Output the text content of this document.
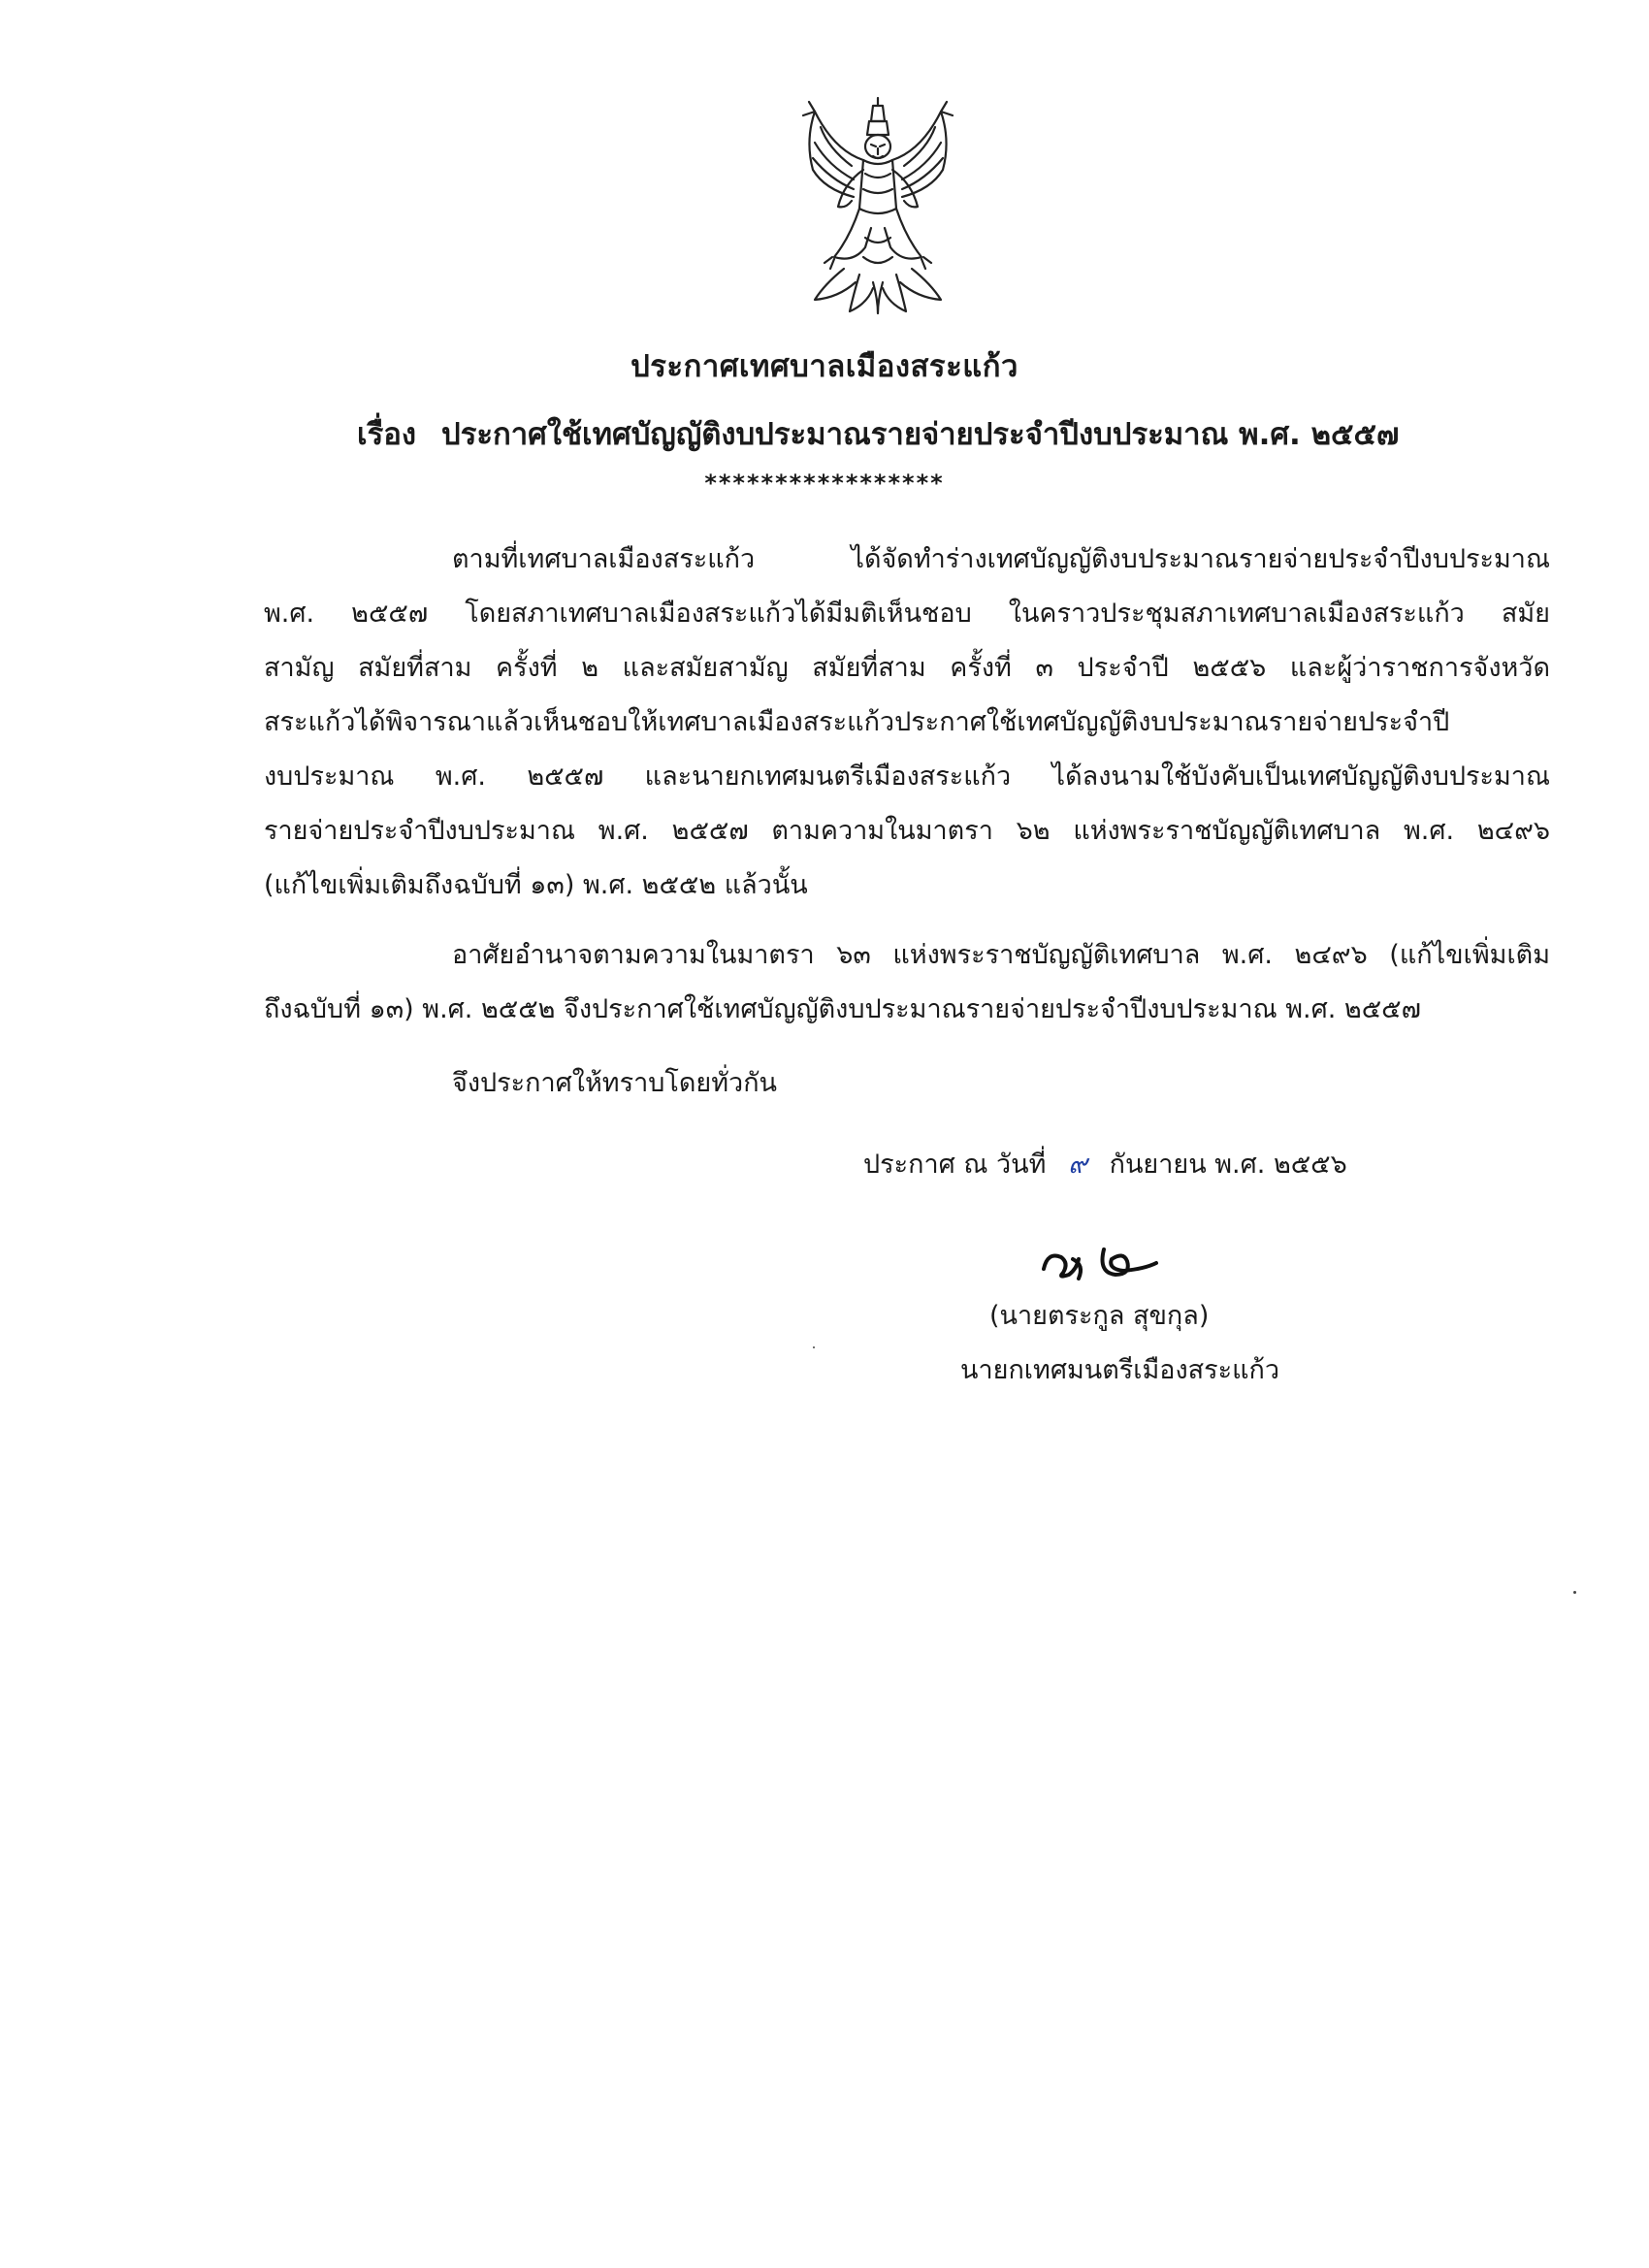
ประกาศเทศบาลเมืองสระแก้ว
เรื่อง ประกาศใช้เทศบัญญัติงบประมาณรายจ่ายประจำปีงบประมาณ พ.ศ. ๒๕๕๗
*****************
ตามที่เทศบาลเมืองสระแก้ว ได้จัดทำร่างเทศบัญญัติงบประมาณรายจ่ายประจำปีงบประมาณ
พ.ศ. ๒๕๕๗ โดยสภาเทศบาลเมืองสระแก้วได้มีมติเห็นชอบ ในคราวประชุมสภาเทศบาลเมืองสระแก้ว สมัย
สามัญ สมัยที่สาม ครั้งที่ ๒ และสมัยสามัญ สมัยที่สาม ครั้งที่ ๓ ประจำปี ๒๕๕๖ และผู้ว่าราชการจังหวัด
สระแก้วได้พิจารณาแล้วเห็นชอบให้เทศบาลเมืองสระแก้วประกาศใช้เทศบัญญัติงบประมาณรายจ่ายประจำปี
งบประมาณ พ.ศ. ๒๕๕๗ และนายกเทศมนตรีเมืองสระแก้ว ได้ลงนามใช้บังคับเป็นเทศบัญญัติงบประมาณ
รายจ่ายประจำปีงบประมาณ พ.ศ. ๒๕๕๗ ตามความในมาตรา ๖๒ แห่งพระราชบัญญัติเทศบาล พ.ศ. ๒๔๙๖
(แก้ไขเพิ่มเติมถึงฉบับที่ ๑๓) พ.ศ. ๒๕๕๒ แล้วนั้น
อาศัยอำนาจตามความในมาตรา ๖๓ แห่งพระราชบัญญัติเทศบาล พ.ศ. ๒๔๙๖ (แก้ไขเพิ่มเติม
ถึงฉบับที่ ๑๓) พ.ศ. ๒๕๕๒ จึงประกาศใช้เทศบัญญัติงบประมาณรายจ่ายประจำปีงบประมาณ พ.ศ. ๒๕๕๗
จึงประกาศให้ทราบโดยทั่วกัน
ประกาศ ณ วันที่ ๙ กันยายน พ.ศ. ๒๕๕๖
(นายตระกูล สุขกุล)
นายกเทศมนตรีเมืองสระแก้ว
